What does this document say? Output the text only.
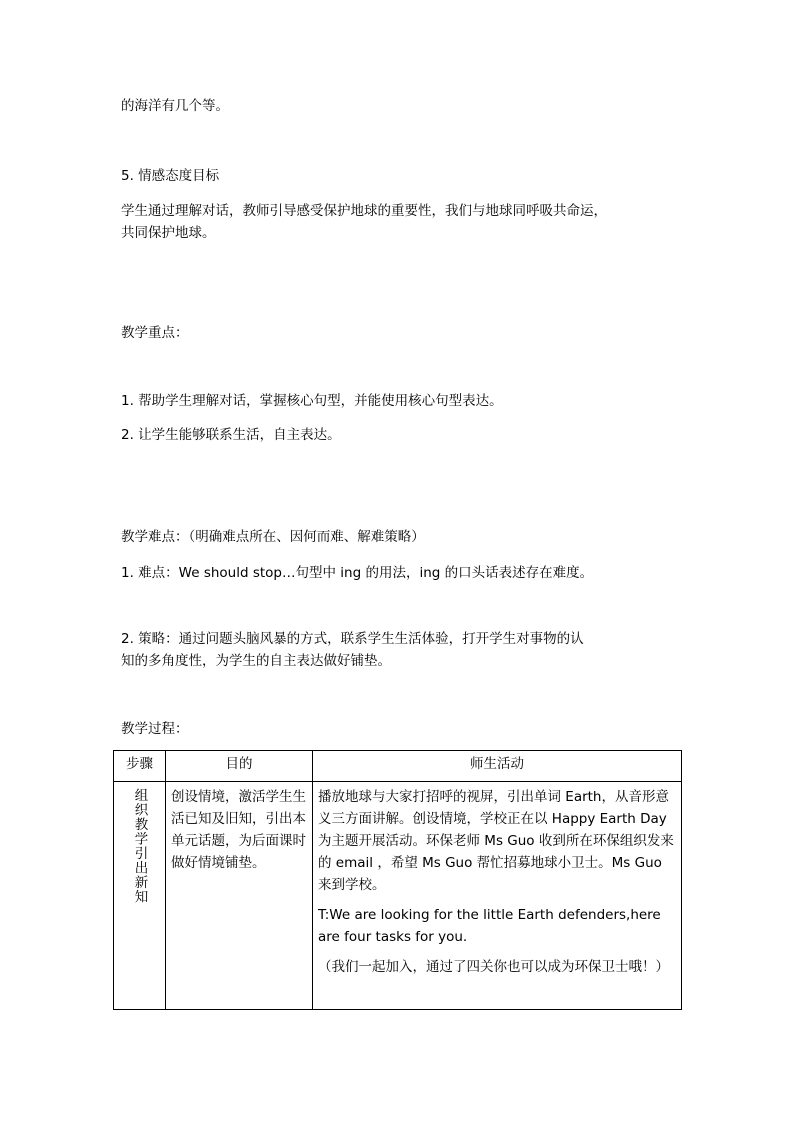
的海洋有几个等。
5. 情感态度目标
学生通过理解对话，教师引导感受保护地球的重要性，我们与地球同呼吸共命运，
共同保护地球。
教学重点：
1. 帮助学生理解对话，掌握核心句型，并能使用核心句型表达。
2. 让学生能够联系生活，自主表达。
教学难点：（明确难点所在、因何而难、解难策略）
1. 难点：We should stop…句型中 ing 的用法，ing 的口头话表述存在难度。
2. 策略：通过问题头脑风暴的方式，联系学生生活体验，打开学生对事物的认
知的多角度性，为学生的自主表达做好铺垫。
教学过程：
步骤	目的	师生活动

组织教学引出新知	创设情境，激活学生生活已知及旧知，引出本单元话题，为后面课时做好情境铺垫。	播放地球与大家打招呼的视屏，引出单词 Earth，从音形意义三方面讲解。创设情境，学校正在以 Happy Earth Day 为主题开展活动。环保老师 Ms Guo 收到所在环保组织发来的 email ，希望 Ms Guo 帮忙招募地球小卫士。Ms Guo 来到学校。

T:We are looking for the little Earth defenders,here are four tasks for you.

（我们一起加入，通过了四关你也可以成为环保卫士哦！）
